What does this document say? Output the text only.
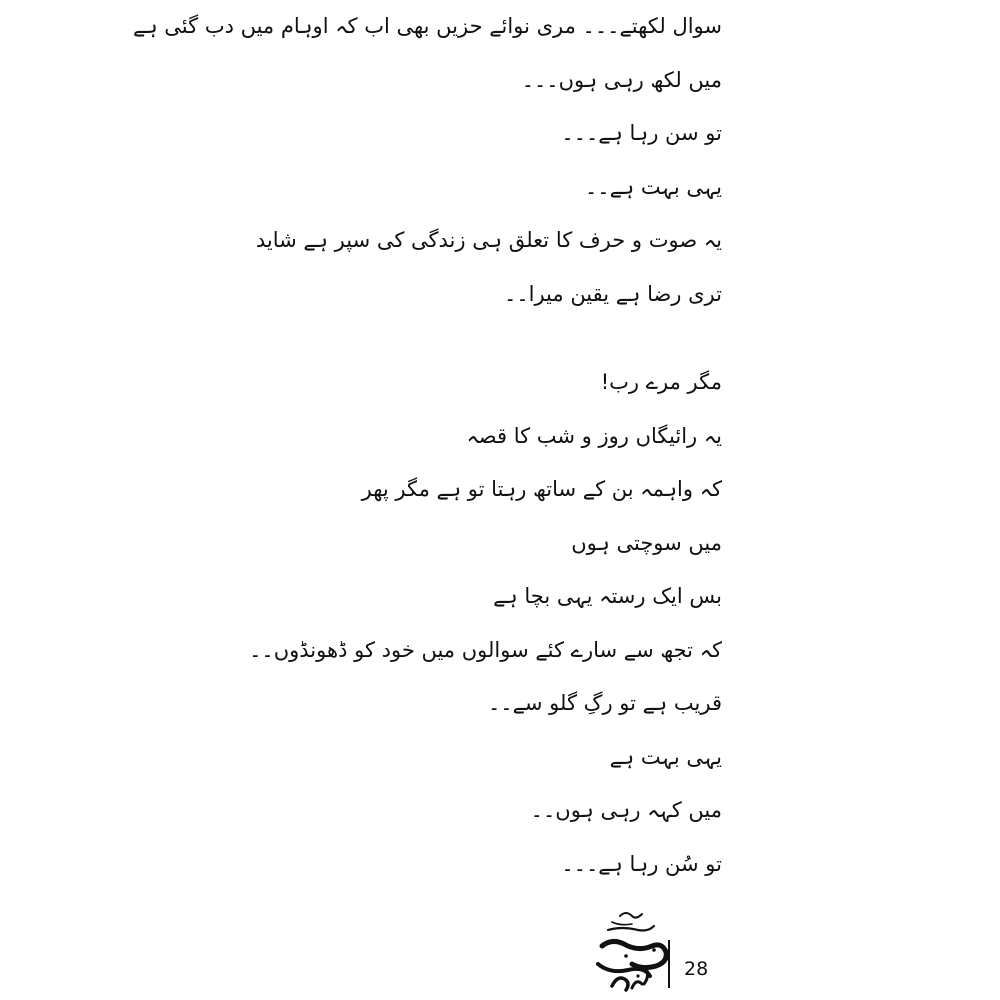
سوال لکھتے۔۔۔ مری نوائے حزیں بھی اب کہ اوہام میں دب گئی ہے
میں لکھ رہی ہوں۔۔۔
تو سن رہا ہے۔۔۔
یہی بہت ہے۔۔
یہ صوت و حرف کا تعلق ہی زندگی کی سپر ہے شاید
تری رضا ہے یقین میرا۔۔
مگر مرے رب!
یہ رائیگاں روز و شب کا قصہ
کہ واہمہ بن کے ساتھ رہتا تو ہے مگر پھر
میں سوچتی ہوں
بس ایک رستہ یہی بچا ہے
کہ تجھ سے سارے کئے سوالوں میں خود کو ڈھونڈوں۔۔
قریب ہے تو رگِ گلو سے۔۔
یہی بہت ہے
میں کہہ رہی ہوں۔۔
تو سُن رہا ہے۔۔۔
28
